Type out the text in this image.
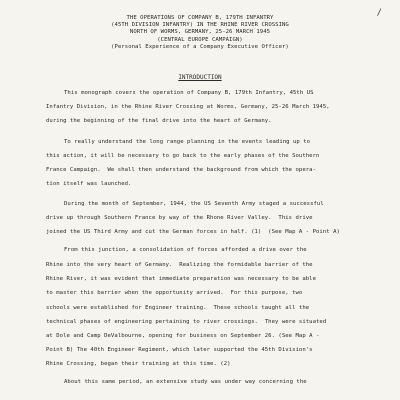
/
THE OPERATIONS OF COMPANY B, 179TH INFANTRY
(45TH DIVISION INFANTRY) IN THE RHINE RIVER CROSSING
NORTH OF WORMS, GERMANY, 25-26 MARCH 1945
(CENTRAL EUROPE CAMPAIGN)
(Personal Experience of a Company Executive Officer)
INTRODUCTION
This monograph covers the operation of Company B, 179th Infantry, 45th US
Infantry Division, in the Rhine River Crossing at Worms, Germany, 25-26 March 1945,
during the beginning of the final drive into the heart of Germany.
To really understand the long range planning in the events leading up to
this action, it will be necessary to go back to the early phases of the Southern
France Campaign.  We shall then understand the background from which the opera-
tion itself was launched.
During the month of September, 1944, the US Seventh Army staged a successful
drive up through Southern France by way of the Rhone River Valley.  This drive
joined the US Third Army and cut the German forces in half. (1)  (See Map A - Point A)
From this junction, a consolidation of forces afforded a drive over the
Rhine into the very heart of Germany.  Realizing the formidable barrier of the
Rhine River, it was evident that immediate preparation was necessary to be able
to master this barrier when the opportunity arrived.  For this purpose, two
schools were established for Engineer training.  These schools taught all the
technical phases of engineering pertaining to river crossings.  They were situated
at Dole and Camp DeValbourne, opening for business on September 26. (See Map A -
Point B) The 40th Engineer Regiment, which later supported the 45th Division's
Rhine Crossing, began their training at this time. (2)
About this same period, an extensive study was under way concerning the
